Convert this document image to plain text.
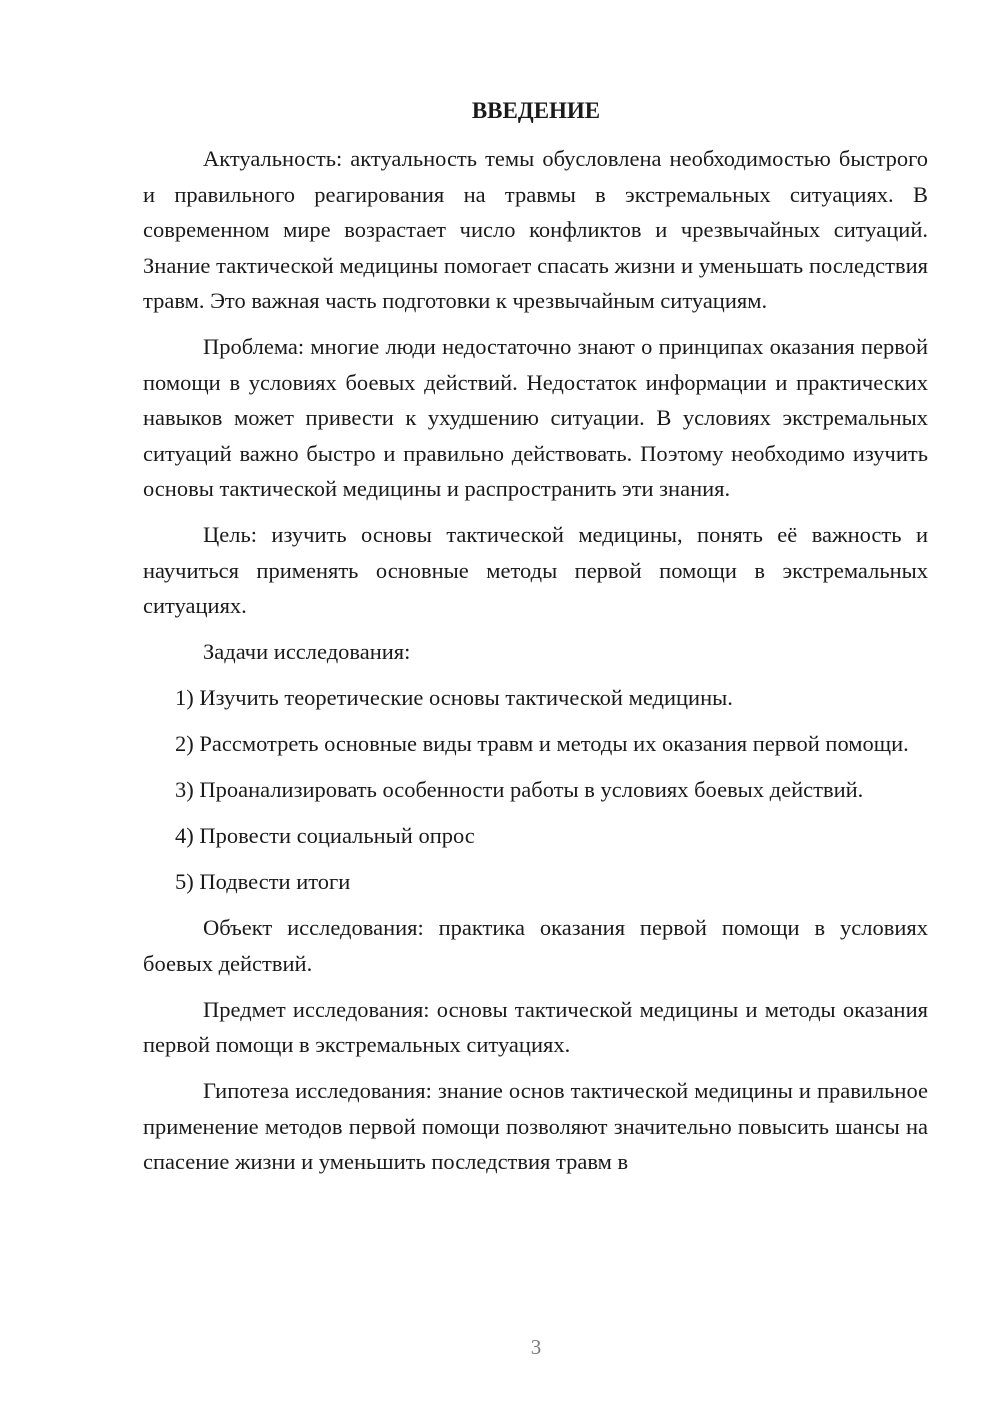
ВВЕДЕНИЕ

Актуальность: актуальность темы обусловлена необходимостью быстрого и правильного реагирования на травмы в экстремальных ситуациях. В современном мире возрастает число конфликтов и чрезвычайных ситуаций. Знание тактической медицины помогает спасать жизни и уменьшать последствия травм. Это важная часть подготовки к чрезвычайным ситуациям.

Проблема: многие люди недостаточно знают о принципах оказания первой помощи в условиях боевых действий. Недостаток информации и практических навыков может привести к ухудшению ситуации. В условиях экстремальных ситуаций важно быстро и правильно действовать. Поэтому необходимо изучить основы тактической медицины и распространить эти знания.

Цель: изучить основы тактической медицины, понять её важность и научиться применять основные методы первой помощи в экстремальных ситуациях.

Задачи исследования:

1) Изучить теоретические основы тактической медицины.

2) Рассмотреть основные виды травм и методы их оказания первой помощи.

3) Проанализировать особенности работы в условиях боевых действий.

4) Провести социальный опрос

5) Подвести итоги

Объект исследования: практика оказания первой помощи в условиях боевых действий.

Предмет исследования: основы тактической медицины и методы оказания первой помощи в экстремальных ситуациях.

Гипотеза исследования: знание основ тактической медицины и правильное применение методов первой помощи позволяют значительно повысить шансы на спасение жизни и уменьшить последствия травм в

3
